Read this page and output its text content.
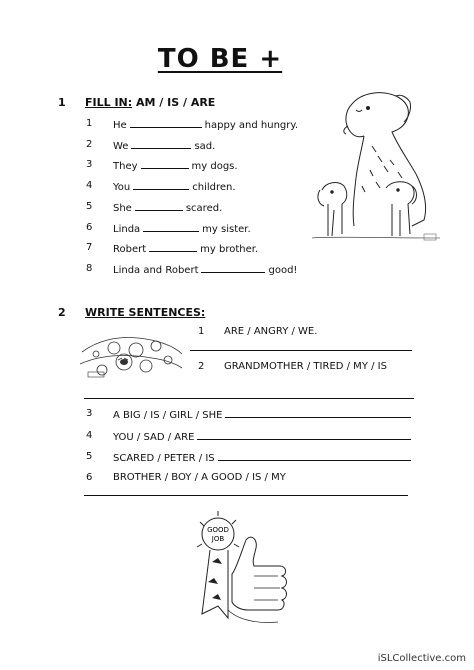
TO BE +
1 FILL IN: AM / IS / ARE
1 He	happy and hungry.
2 We	sad.
3 They	my dogs.
4 You	children.
5 She	scared.
6 Linda	my sister.
7 Robert	my brother.
8 Linda and Robert	good!
2 WRITE SENTENCES:
1 ARE / ANGRY / WE.
2 GRANDMOTHER / TIRED / MY / IS
3 A BIG / IS / GIRL / SHE
4 YOU / SAD / ARE
5 SCARED / PETER / IS
6 BROTHER / BOY / A GOOD / IS / MY
GOOD
JOB
iSLCollective.com
